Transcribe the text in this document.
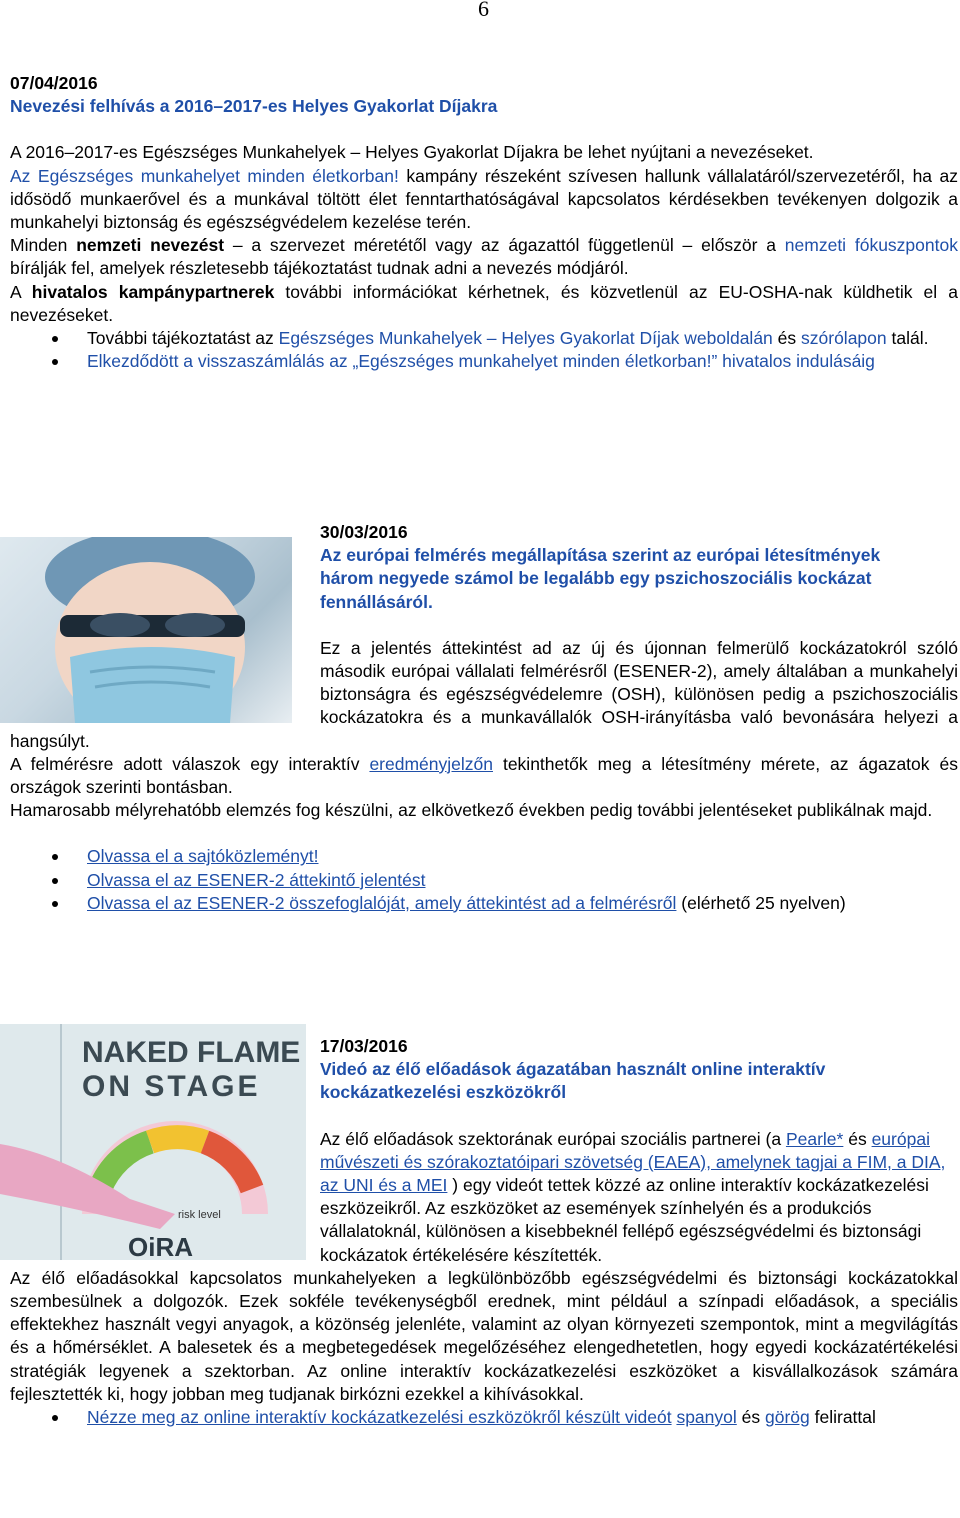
6

07/04/2016

Nevezési felhívás a 2016–2017-es Helyes Gyakorlat Díjakra

A 2016–2017-es Egészséges Munkahelyek – Helyes Gyakorlat Díjakra be lehet nyújtani a nevezéseket.

Az Egészséges munkahelyet minden életkorban! kampány részeként szívesen hallunk vállalatáról/szervezetéről, ha az idősödő munkaerővel és a munkával töltött élet fenntarthatóságával kapcsolatos kérdésekben tevékenyen dolgozik a munkahelyi biztonság és egészségvédelem kezelése terén.

Minden nemzeti nevezést – a szervezet méretétől vagy az ágazattól függetlenül – először a nemzeti fókuszpontok bírálják fel, amelyek részletesebb tájékoztatást tudnak adni a nevezés módjáról.

A hivatalos kampánypartnerek további információkat kérhetnek, és közvetlenül az EU-OSHA-nak küldhetik el a nevezéseket.

További tájékoztatást az Egészséges Munkahelyek – Helyes Gyakorlat Díjak weboldalán és szórólapon talál.
Elkezdődött a visszaszámlálás az „Egészséges munkahelyet minden életkorban!” hivatalos indulásáig

30/03/2016

Az európai felmérés megállapítása szerint az európai létesítmények három negyede számol be legalább egy pszichoszociális kockázat fennállásáról.

Ez a jelentés áttekintést ad az új és újonnan felmerülő kockázatokról szóló második európai vállalati felmérésről (ESENER-2), amely általában a munkahelyi biztonságra és egészségvédelemre (OSH), különösen pedig a pszichoszociális kockázatokra és a munkavállalók OSH-irányításba való bevonására helyezi a hangsúlyt.

A felmérésre adott válaszok egy interaktív eredményjelzőn tekinthetők meg a létesítmény mérete, az ágazatok és országok szerinti bontásban.

Hamarosabb mélyrehatóbb elemzés fog készülni, az elkövetkező években pedig további jelentéseket publikálnak majd.

Olvassa el a sajtóközleményt!
Olvassa el az ESENER-2 áttekintő jelentést
Olvassa el az ESENER-2 összefoglalóját, amely áttekintést ad a felmérésről (elérhető 25 nyelven)
NAKED FLAME
ON STAGE
risk level
OiRA

17/03/2016

Videó az élő előadások ágazatában használt online interaktív kockázatkezelési eszközökről

Az élő előadások szektorának európai szociális partnerei (a Pearle* és európai művészeti és szórakoztatóipari szövetség (EAEA), amelynek tagjai a FIM, a DIA, az UNI és a MEI ) egy videót tettek közzé az online interaktív kockázatkezelési eszközeikről. Az eszközöket az események színhelyén és a produkciós vállalatoknál, különösen a kisebbeknél fellépő egészségvédelmi és biztonsági kockázatok értékelésére készítették.

Az élő előadásokkal kapcsolatos munkahelyeken a legkülönbözőbb egészségvédelmi és biztonsági kockázatokkal szembesülnek a dolgozók. Ezek sokféle tevékenységből erednek, mint például a színpadi előadások, a speciális effektekhez használt vegyi anyagok, a közönség jelenléte, valamint az olyan környezeti szempontok, mint a megvilágítás és a hőmérséklet. A balesetek és a megbetegedések megelőzéséhez elengedhetetlen, hogy egyedi kockázatértékelési stratégiák legyenek a szektorban. Az online interaktív kockázatkezelési eszközöket a kisvállalkozások számára fejlesztették ki, hogy jobban meg tudjanak birkózni ezekkel a kihívásokkal.

Nézze meg az online interaktív kockázatkezelési eszközökről készült videót spanyol és görög felirattal
